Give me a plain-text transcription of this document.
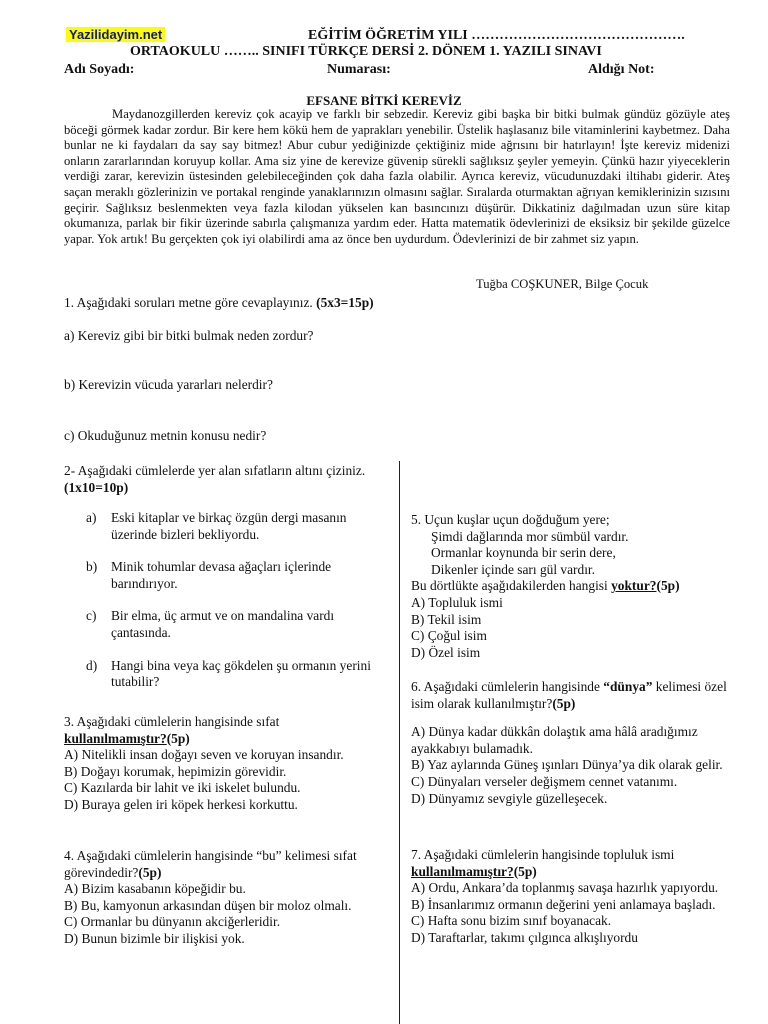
Yazilidayim.net	EĞİTİM ÖĞRETİM YILI ……………………………………….
ORTAOKULU …….. SINIFI TÜRKÇE DERSİ 2. DÖNEM 1. YAZILI SINAVI
Adı Soyadı:	Numarası:	Aldığı Not:
EFSANE BİTKİ KEREVİZ

Maydanozgillerden kereviz çok acayip ve farklı bir sebzedir. Kereviz gibi başka bir bitki bulmak gündüz gözüyle ateş böceği görmek kadar zordur. Bir kere hem kökü hem de yaprakları yenebilir. Üstelik haşlasanız bile vitaminlerini kaybetmez. Daha bunlar ne ki faydaları da say say bitmez! Abur cubur yediğinizde çektiğiniz mide ağrısını bir hatırlayın! İşte kereviz midenizi onların zararlarından koruyup kollar. Ama siz yine de kerevize güvenip sürekli sağlıksız şeyler yemeyin. Çünkü hazır yiyeceklerin verdiği zarar, kerevizin üstesinden gelebileceğinden çok daha fazla olabilir. Ayrıca kereviz, vücudunuzdaki iltihabı giderir. Ateş saçan meraklı gözlerinizin ve portakal renginde yanaklarınızın olmasını sağlar. Sıralarda oturmaktan ağrıyan kemiklerinizin sızısını geçirir. Sağlıksız beslenmekten veya fazla kilodan yükselen kan basıncınızı düşürür. Dikkatiniz dağılmadan uzun süre kitap okumanıza, parlak bir fikir üzerinde sabırla çalışmanıza yardım eder. Hatta matematik ödevlerinizi de eksiksiz bir şekilde güzelce yapar. Yok artık! Bu gerçekten çok iyi olabilirdi ama az önce ben uydurdum. Ödevlerinizi de bir zahmet siz yapın.

Tuğba COŞKUNER, Bilge Çocuk
1. Aşağıdaki soruları metne göre cevaplayınız. (5x3=15p)
a) Kereviz gibi bir bitki bulmak neden zordur?
b) Kerevizin vücuda yararları nelerdir?
c) Okuduğunuz metnin konusu nedir?
2- Aşağıdaki cümlelerde yer alan sıfatların altını çiziniz. (1x10=10p)
a) Eski kitaplar ve birkaç özgün dergi masanın üzerinde bizleri bekliyordu.
b) Minik tohumlar devasa ağaçları içlerinde barındırıyor.
c) Bir elma, üç armut ve on mandalina vardı çantasında.
d) Hangi bina veya kaç gökdelen şu ormanın yerini tutabilir?
3. Aşağıdaki cümlelerin hangisinde sıfat
kullanılmamıştır?(5p)
A) Nitelikli insan doğayı seven ve koruyan insandır.
B) Doğayı korumak, hepimizin görevidir.
C) Kazılarda bir lahit ve iki iskelet bulundu.
D) Buraya gelen iri köpek herkesi korkuttu.
4. Aşağıdaki cümlelerin hangisinde “bu” kelimesi sıfat görevindedir?(5p)
A) Bizim kasabanın köpeğidir bu.
B) Bu, kamyonun arkasından düşen bir moloz olmalı.
C) Ormanlar bu dünyanın akciğerleridir.
D) Bunun bizimle bir ilişkisi yok.
5. Uçun kuşlar uçun doğduğum yere;
Şimdi dağlarında mor sümbül vardır.
Ormanlar koynunda bir serin dere,
Dikenler içinde sarı gül vardır.
Bu dörtlükte aşağıdakilerden hangisi yoktur?(5p)
A) Topluluk ismi
B) Tekil isim
C) Çoğul isim
D) Özel isim
6. Aşağıdaki cümlelerin hangisinde “dünya” kelimesi özel isim olarak kullanılmıştır?(5p)
A) Dünya kadar dükkân dolaştık ama hâlâ aradığımız ayakkabıyı bulamadık.
B) Yaz aylarında Güneş ışınları Dünya’ya dik olarak gelir.
C) Dünyaları verseler değişmem cennet vatanımı.
D) Dünyamız sevgiyle güzelleşecek.
7. Aşağıdaki cümlelerin hangisinde topluluk ismi
kullanılmamıştır?(5p)
A) Ordu, Ankara’da toplanmış savaşa hazırlık yapıyordu.
B) İnsanlarımız ormanın değerini yeni anlamaya başladı.
C) Hafta sonu bizim sınıf boyanacak.
D) Taraftarlar, takımı çılgınca alkışlıyordu
